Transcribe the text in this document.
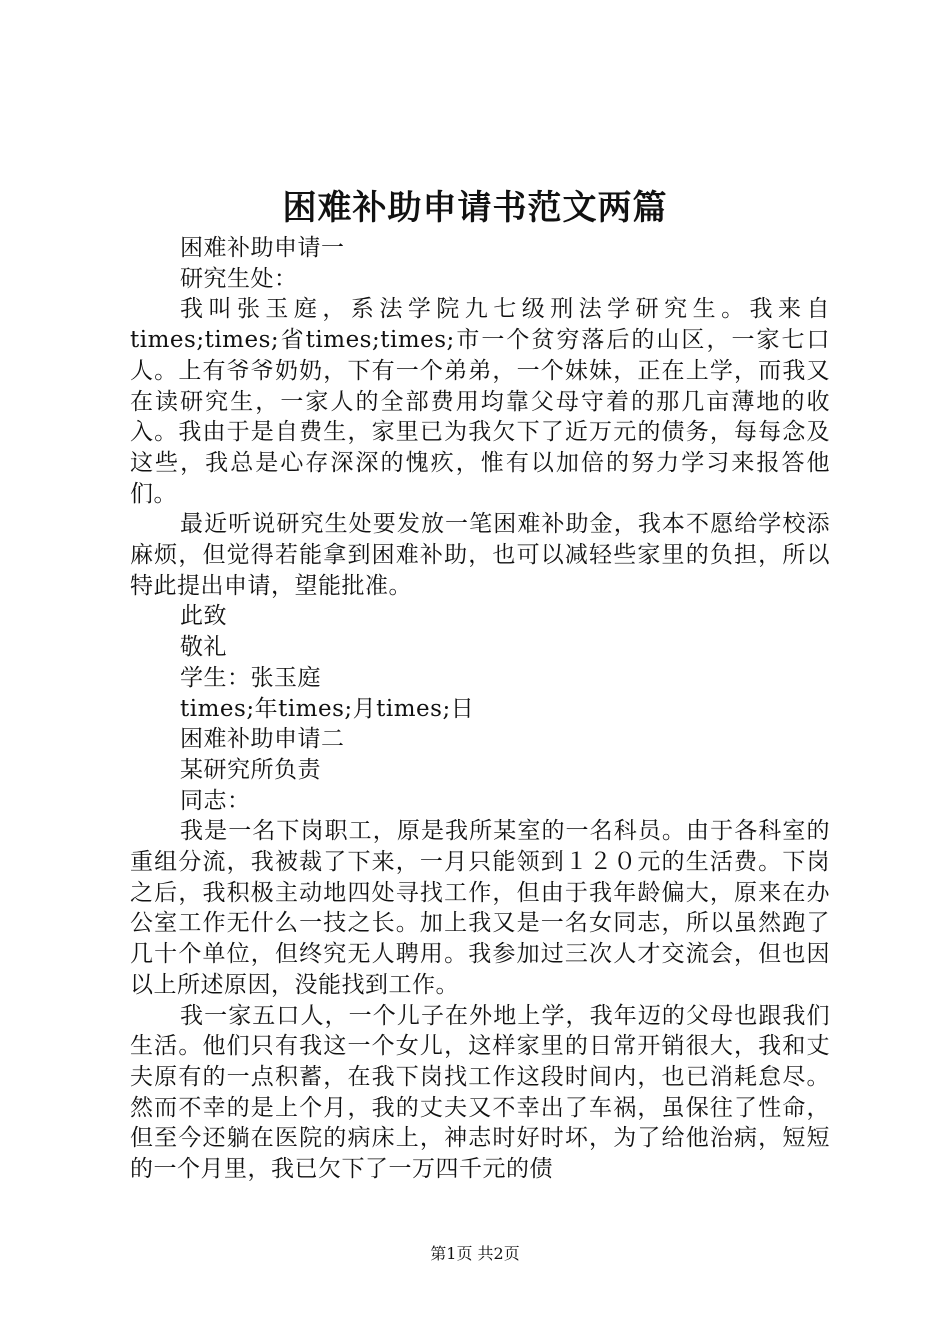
困难补助申请书范文两篇

困难补助申请一

研究生处：

我叫张玉庭，系法学院九七级刑法学研究生。我来自times;times;省times;times;市一个贫穷落后的山区，一家七口人。上有爷爷奶奶，下有一个弟弟，一个妹妹，正在上学，而我又在读研究生，一家人的全部费用均靠父母守着的那几亩薄地的收入。我由于是自费生，家里已为我欠下了近万元的债务，每每念及这些，我总是心存深深的愧疚，惟有以加倍的努力学习来报答他们。

最近听说研究生处要发放一笔困难补助金，我本不愿给学校添麻烦，但觉得若能拿到困难补助，也可以减轻些家里的负担，所以特此提出申请，望能批准。

此致

敬礼

学生：张玉庭

times;年times;月times;日

困难补助申请二

某研究所负责

同志：

我是一名下岗职工，原是我所某室的一名科员。由于各科室的重组分流，我被裁了下来，一月只能领到１２０元的生活费。下岗之后，我积极主动地四处寻找工作，但由于我年龄偏大，原来在办公室工作无什么一技之长。加上我又是一名女同志，所以虽然跑了几十个单位，但终究无人聘用。我参加过三次人才交流会，但也因以上所述原因，没能找到工作。

我一家五口人，一个儿子在外地上学，我年迈的父母也跟我们生活。他们只有我这一个女儿，这样家里的日常开销很大，我和丈夫原有的一点积蓄，在我下岗找工作这段时间内，也已消耗怠尽。然而不幸的是上个月，我的丈夫又不幸出了车祸，虽保往了性命，但至今还躺在医院的病床上，神志时好时坏，为了给他治病，短短的一个月里，我已欠下了一万四千元的债

第1页 共2页
